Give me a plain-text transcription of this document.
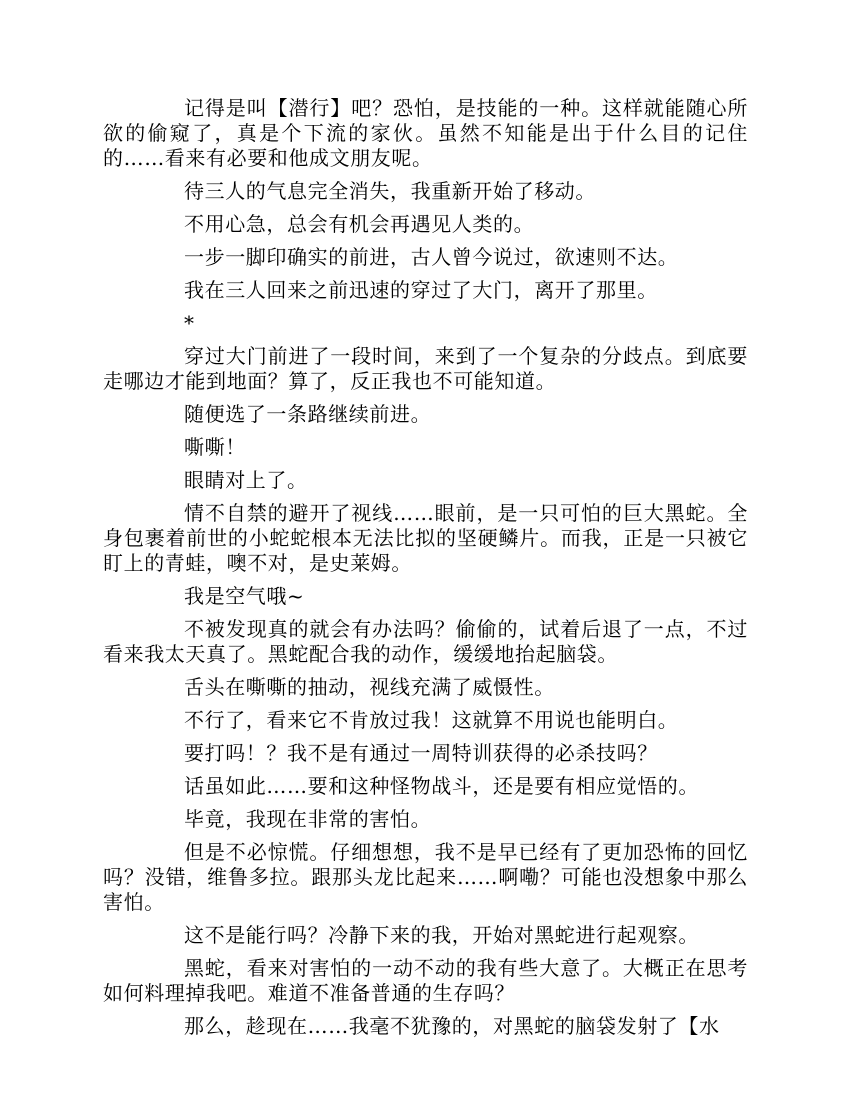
记得是叫【潜行】吧？恐怕，是技能的一种。这样就能随心所欲的偷窥了，真是个下流的家伙。虽然不知能是出于什么目的记住的……看来有必要和他成文朋友呢。

待三人的气息完全消失，我重新开始了移动。

不用心急，总会有机会再遇见人类的。

一步一脚印确实的前进，古人曾今说过，欲速则不达。

我在三人回来之前迅速的穿过了大门，离开了那里。

*

穿过大门前进了一段时间，来到了一个复杂的分歧点。到底要走哪边才能到地面？算了，反正我也不可能知道。

随便选了一条路继续前进。

嘶嘶！

眼睛对上了。

情不自禁的避开了视线……眼前，是一只可怕的巨大黑蛇。全身包裹着前世的小蛇蛇根本无法比拟的坚硬鳞片。而我，正是一只被它盯上的青蛙，噢不对，是史莱姆。

我是空气哦~

不被发现真的就会有办法吗？偷偷的，试着后退了一点，不过看来我太天真了。黑蛇配合我的动作，缓缓地抬起脑袋。

舌头在嘶嘶的抽动，视线充满了威慑性。

不行了，看来它不肯放过我！这就算不用说也能明白。

要打吗！？我不是有通过一周特训获得的必杀技吗？

话虽如此……要和这种怪物战斗，还是要有相应觉悟的。

毕竟，我现在非常的害怕。

但是不必惊慌。仔细想想，我不是早已经有了更加恐怖的回忆吗？没错，维鲁多拉。跟那头龙比起来……啊嘞？可能也没想象中那么害怕。

这不是能行吗？冷静下来的我，开始对黑蛇进行起观察。

黑蛇，看来对害怕的一动不动的我有些大意了。大概正在思考如何料理掉我吧。难道不准备普通的生存吗？

那么，趁现在……我毫不犹豫的，对黑蛇的脑袋发射了【水
